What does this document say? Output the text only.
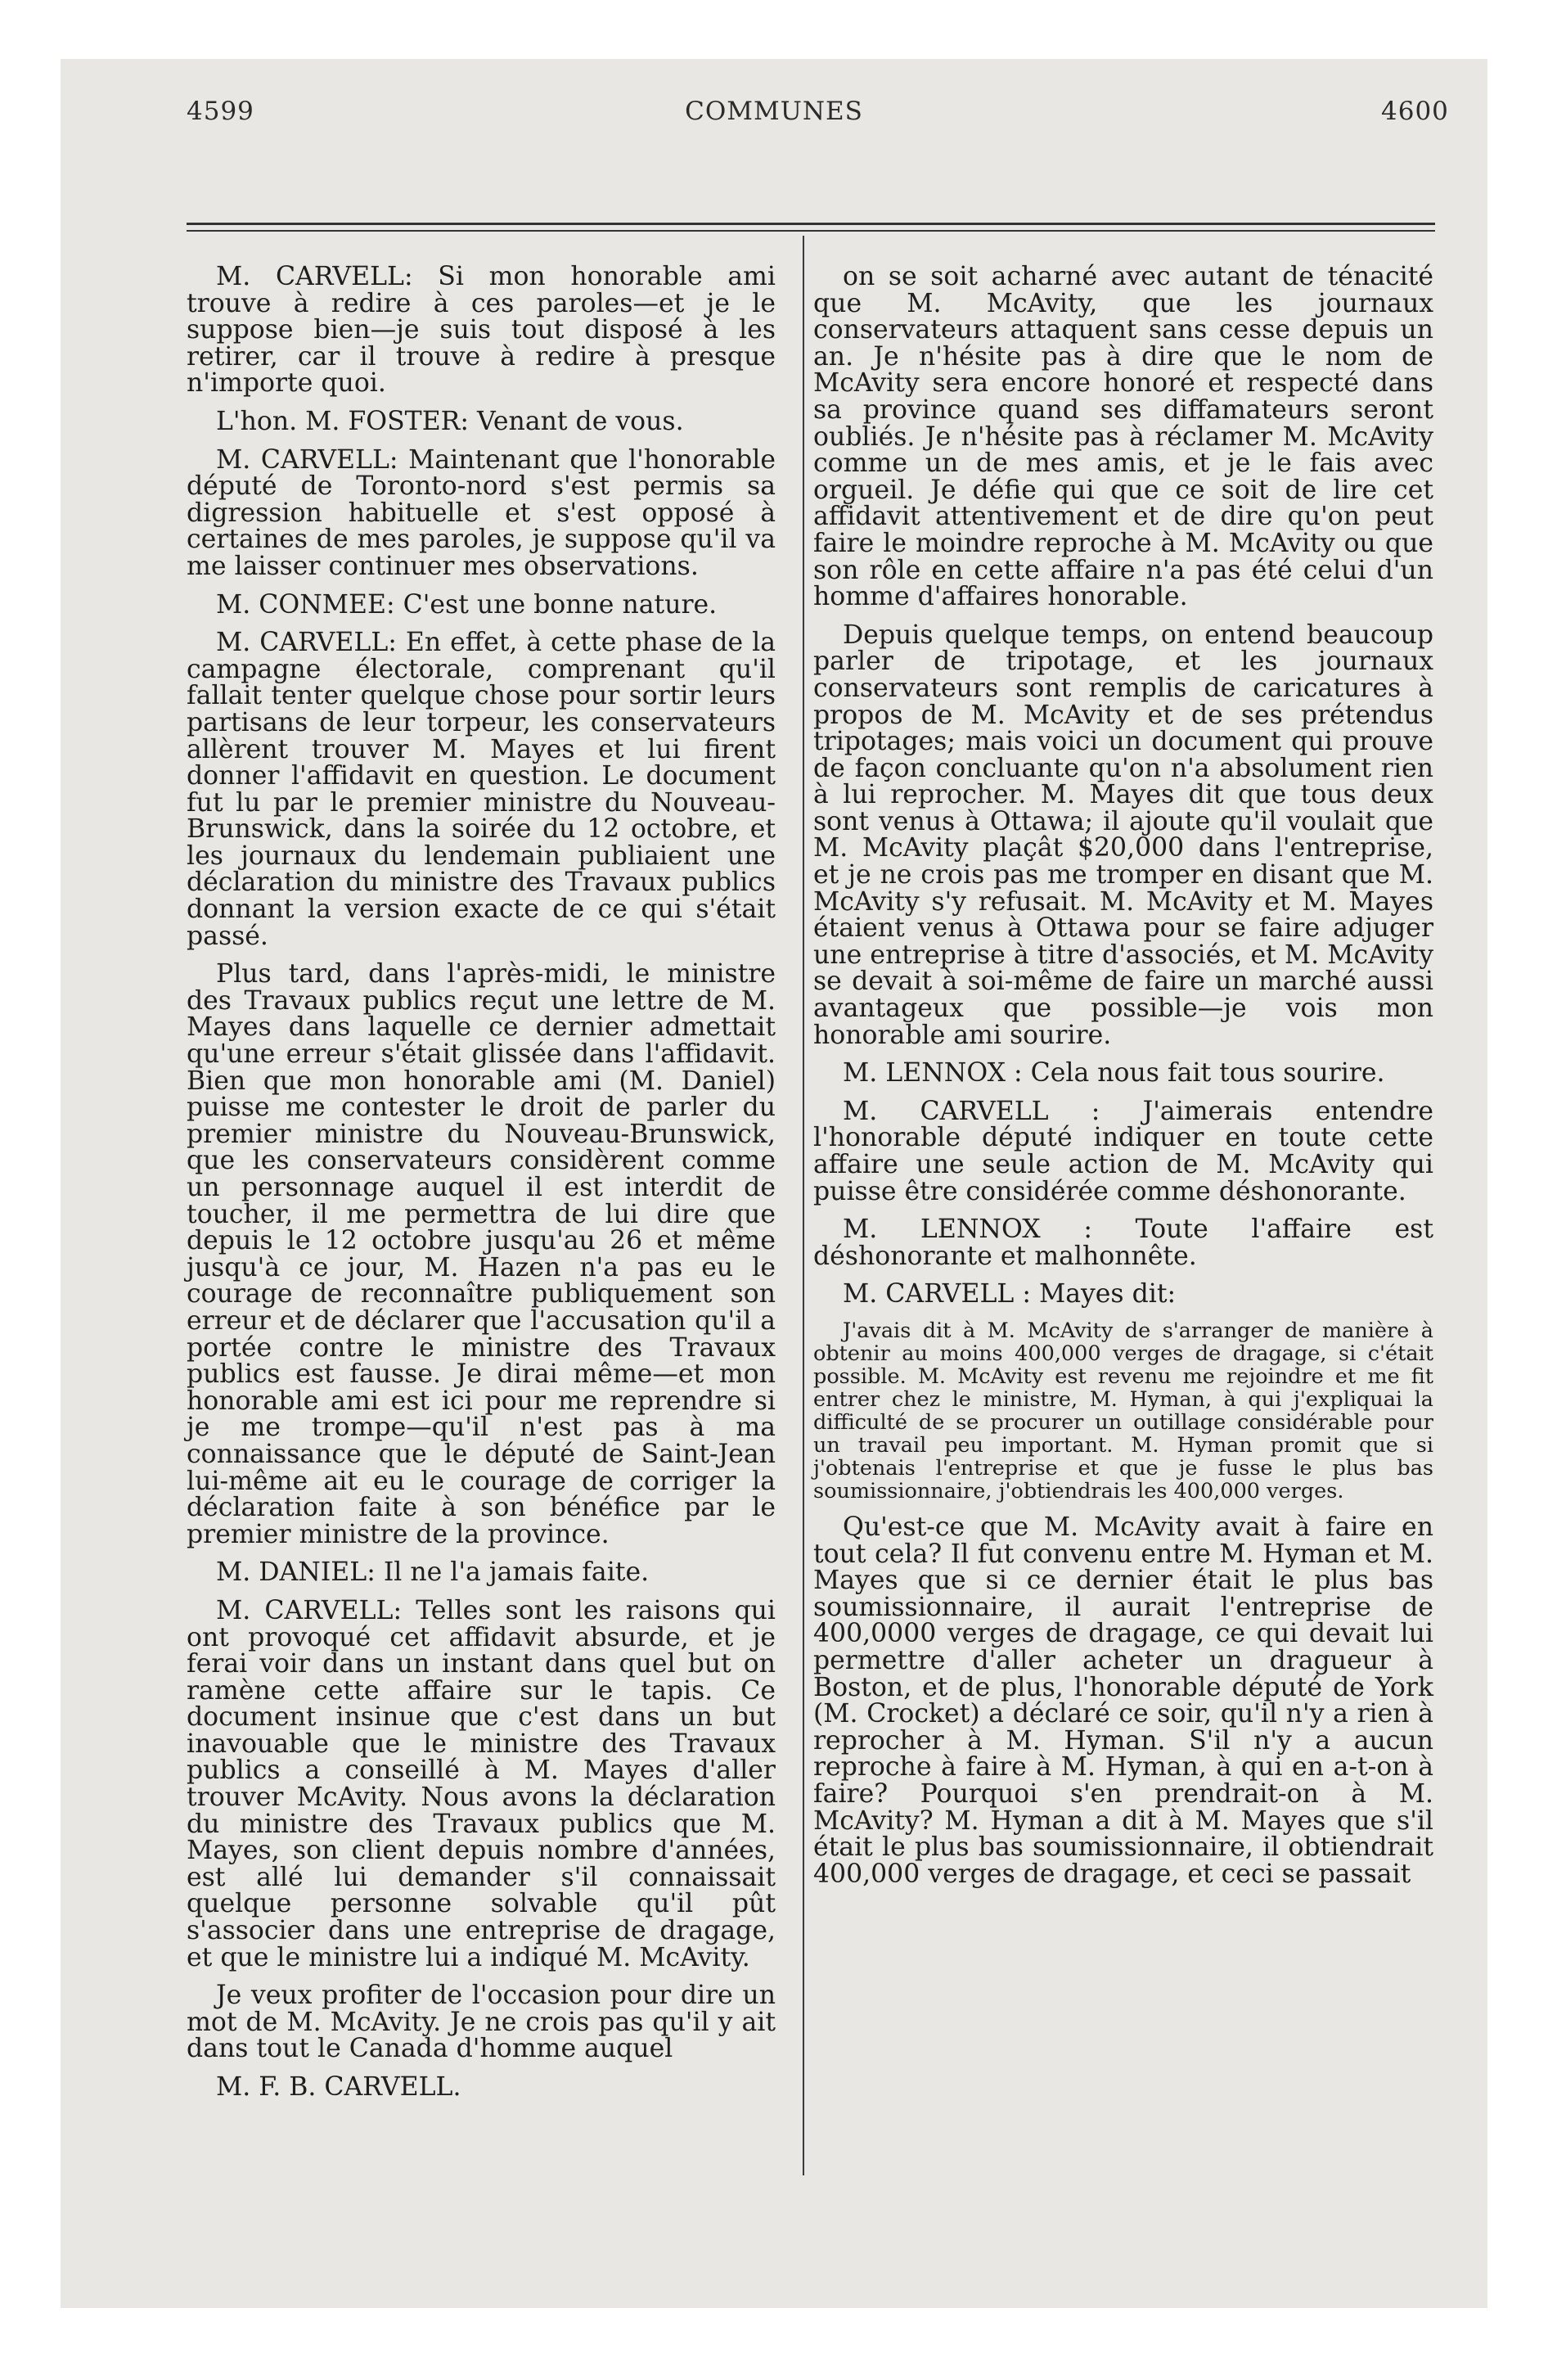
COMMUNES
4599	4600

M. CARVELL: Si mon honorable ami trouve à redire à ces paroles—et je le suppose bien—je suis tout disposé à les retirer, car il trouve à redire à presque n'importe quoi.

L'hon. M. FOSTER: Venant de vous.

M. CARVELL: Maintenant que l'honorable député de Toronto-nord s'est permis sa digression habituelle et s'est opposé à certaines de mes paroles, je suppose qu'il va me laisser continuer mes observations.

M. CONMEE: C'est une bonne nature.

M. CARVELL: En effet, à cette phase de la campagne électorale, comprenant qu'il fallait tenter quelque chose pour sortir leurs partisans de leur torpeur, les conservateurs allèrent trouver M. Mayes et lui firent donner l'affidavit en question. Le document fut lu par le premier ministre du Nouveau-Brunswick, dans la soirée du 12 octobre, et les journaux du lendemain publiaient une déclaration du ministre des Travaux publics donnant la version exacte de ce qui s'était passé.

Plus tard, dans l'après-midi, le ministre des Travaux publics reçut une lettre de M. Mayes dans laquelle ce dernier admettait qu'une erreur s'était glissée dans l'affidavit. Bien que mon honorable ami (M. Daniel) puisse me contester le droit de parler du premier ministre du Nouveau-Brunswick, que les conservateurs considèrent comme un personnage auquel il est interdit de toucher, il me permettra de lui dire que depuis le 12 octobre jusqu'au 26 et même jusqu'à ce jour, M. Hazen n'a pas eu le courage de reconnaître publiquement son erreur et de déclarer que l'accusation qu'il a portée contre le ministre des Travaux publics est fausse. Je dirai même—et mon honorable ami est ici pour me reprendre si je me trompe—qu'il n'est pas à ma connaissance que le député de Saint-Jean lui-même ait eu le courage de corriger la déclaration faite à son bénéfice par le premier ministre de la province.

M. DANIEL: Il ne l'a jamais faite.

M. CARVELL: Telles sont les raisons qui ont provoqué cet affidavit absurde, et je ferai voir dans un instant dans quel but on ramène cette affaire sur le tapis. Ce document insinue que c'est dans un but inavouable que le ministre des Travaux publics a conseillé à M. Mayes d'aller trouver McAvity. Nous avons la déclaration du ministre des Travaux publics que M. Mayes, son client depuis nombre d'années, est allé lui demander s'il connaissait quelque personne solvable qu'il pût s'associer dans une entreprise de dragage, et que le ministre lui a indiqué M. McAvity.

Je veux profiter de l'occasion pour dire un mot de M. McAvity. Je ne crois pas qu'il y ait dans tout le Canada d'homme auquel

M. F. B. CARVELL.

on se soit acharné avec autant de ténacité que M. McAvity, que les journaux conservateurs attaquent sans cesse depuis un an. Je n'hésite pas à dire que le nom de McAvity sera encore honoré et respecté dans sa province quand ses diffamateurs seront oubliés. Je n'hésite pas à réclamer M. McAvity comme un de mes amis, et je le fais avec orgueil. Je défie qui que ce soit de lire cet affidavit attentivement et de dire qu'on peut faire le moindre reproche à M. McAvity ou que son rôle en cette affaire n'a pas été celui d'un homme d'affaires honorable.

Depuis quelque temps, on entend beaucoup parler de tripotage, et les journaux conservateurs sont remplis de caricatures à propos de M. McAvity et de ses prétendus tripotages; mais voici un document qui prouve de façon concluante qu'on n'a absolument rien à lui reprocher. M. Mayes dit que tous deux sont venus à Ottawa; il ajoute qu'il voulait que M. McAvity plaçât $20,000 dans l'entreprise, et je ne crois pas me tromper en disant que M. McAvity s'y refusait. M. McAvity et M. Mayes étaient venus à Ottawa pour se faire adjuger une entreprise à titre d'associés, et M. McAvity se devait à soi-même de faire un marché aussi avantageux que possible—je vois mon honorable ami sourire.

M. LENNOX : Cela nous fait tous sourire.

M. CARVELL : J'aimerais entendre l'honorable député indiquer en toute cette affaire une seule action de M. McAvity qui puisse être considérée comme déshonorante.

M. LENNOX : Toute l'affaire est déshonorante et malhonnête.

M. CARVELL : Mayes dit:

J'avais dit à M. McAvity de s'arranger de manière à obtenir au moins 400,000 verges de dragage, si c'était possible. M. McAvity est revenu me rejoindre et me fit entrer chez le ministre, M. Hyman, à qui j'expliquai la difficulté de se procurer un outillage considérable pour un travail peu important. M. Hyman promit que si j'obtenais l'entreprise et que je fusse le plus bas soumissionnaire, j'obtiendrais les 400,000 verges.

Qu'est-ce que M. McAvity avait à faire en tout cela? Il fut convenu entre M. Hyman et M. Mayes que si ce dernier était le plus bas soumissionnaire, il aurait l'entreprise de 400,0000 verges de dragage, ce qui devait lui permettre d'aller acheter un dragueur à Boston, et de plus, l'honorable député de York (M. Crocket) a déclaré ce soir, qu'il n'y a rien à reprocher à M. Hyman. S'il n'y a aucun reproche à faire à M. Hyman, à qui en a-t-on à faire? Pourquoi s'en prendrait-on à M. McAvity? M. Hyman a dit à M. Mayes que s'il était le plus bas soumissionnaire, il obtiendrait 400,000 verges de dragage, et ceci se passait
